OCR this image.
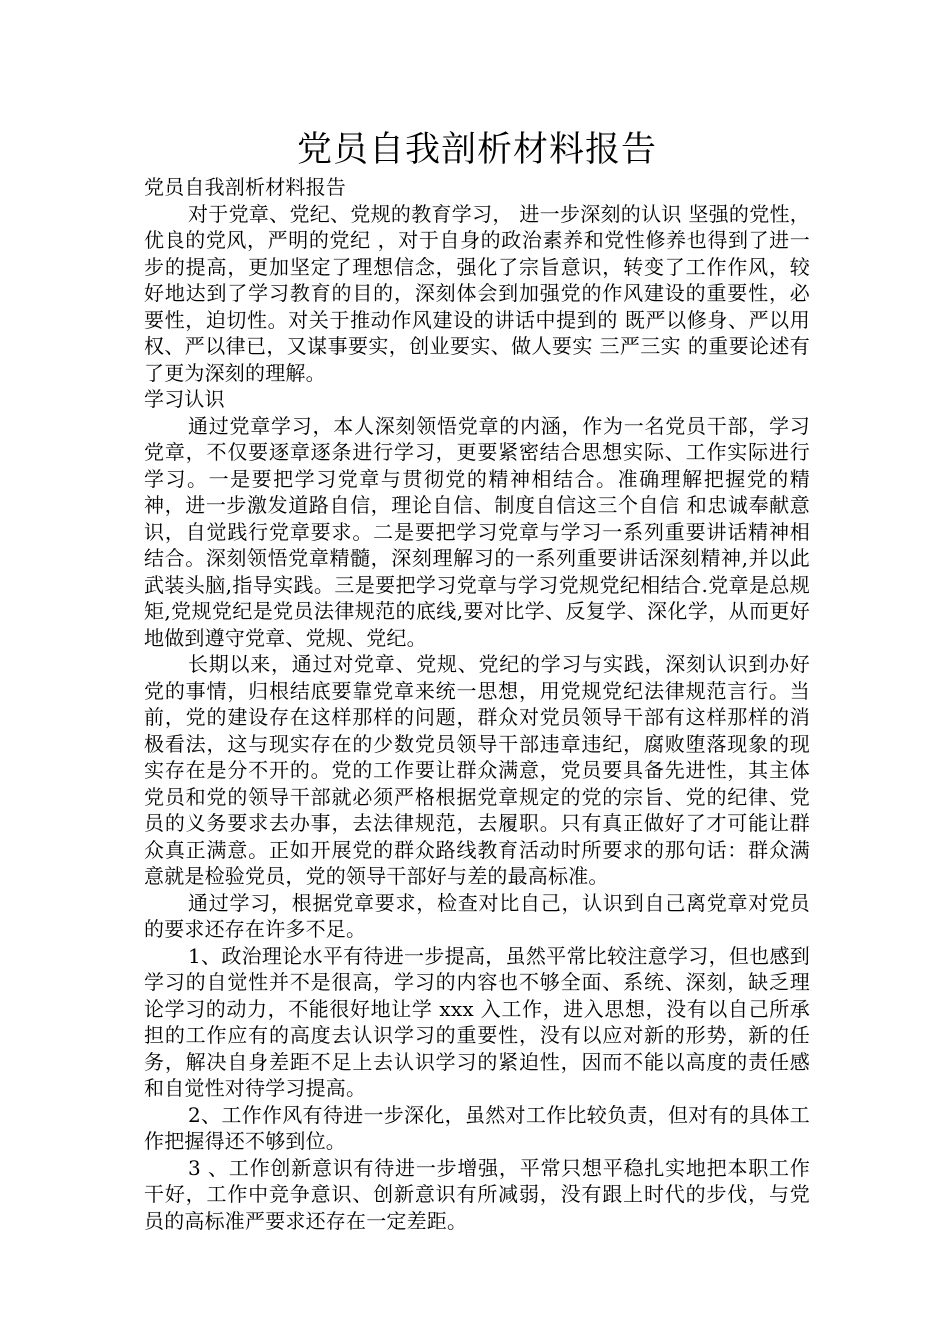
党员自我剖析材料报告

党员自我剖析材料报告

对于党章、党纪、党规的教育学习， 进一步深刻的认识 坚强的党性，优良的党风，严明的党纪 ，对于自身的政治素养和党性修养也得到了进一步的提高，更加坚定了理想信念，强化了宗旨意识，转变了工作作风，较好地达到了学习教育的目的，深刻体会到加强党的作风建设的重要性，必要性，迫切性。对关于推动作风建设的讲话中提到的 既严以修身、严以用权、严以律已，又谋事要实，创业要实、做人要实 三严三实 的重要论述有了更为深刻的理解。

学习认识

通过党章学习，本人深刻领悟党章的内涵，作为一名党员干部，学习党章，不仅要逐章逐条进行学习，更要紧密结合思想实际、工作实际进行学习。一是要把学习党章与贯彻党的精神相结合。准确理解把握党的精神，进一步激发道路自信，理论自信、制度自信这三个自信 和忠诚奉献意识，自觉践行党章要求。二是要把学习党章与学习一系列重要讲话精神相结合。深刻领悟党章精髓，深刻理解习的一系列重要讲话深刻精神,并以此武装头脑,指导实践。三是要把学习党章与学习党规党纪相结合.党章是总规矩,党规党纪是党员法律规范的底线,要对比学、反复学、深化学，从而更好地做到遵守党章、党规、党纪。

长期以来，通过对党章、党规、党纪的学习与实践，深刻认识到办好党的事情，归根结底要靠党章来统一思想，用党规党纪法律规范言行。当前，党的建设存在这样那样的问题，群众对党员领导干部有这样那样的消极看法，这与现实存在的少数党员领导干部违章违纪，腐败堕落现象的现实存在是分不开的。党的工作要让群众满意，党员要具备先进性，其主体党员和党的领导干部就必须严格根据党章规定的党的宗旨、党的纪律、党员的义务要求去办事，去法律规范，去履职。只有真正做好了才可能让群众真正满意。正如开展党的群众路线教育活动时所要求的那句话：群众满意就是检验党员，党的领导干部好与差的最高标准。

通过学习，根据党章要求，检查对比自己，认识到自己离党章对党员的要求还存在许多不足。

1、政治理论水平有待进一步提高，虽然平常比较注意学习，但也感到学习的自觉性并不是很高，学习的内容也不够全面、系统、深刻，缺乏理论学习的动力，不能很好地让学 xxx 入工作，进入思想，没有以自己所承担的工作应有的高度去认识学习的重要性，没有以应对新的形势，新的任务，解决自身差距不足上去认识学习的紧迫性，因而不能以高度的责任感和自觉性对待学习提高。

2、工作作风有待进一步深化，虽然对工作比较负责，但对有的具体工作把握得还不够到位。

3 、工作创新意识有待进一步增强，平常只想平稳扎实地把本职工作干好，工作中竞争意识、创新意识有所减弱，没有跟上时代的步伐，与党员的高标准严要求还存在一定差距。
